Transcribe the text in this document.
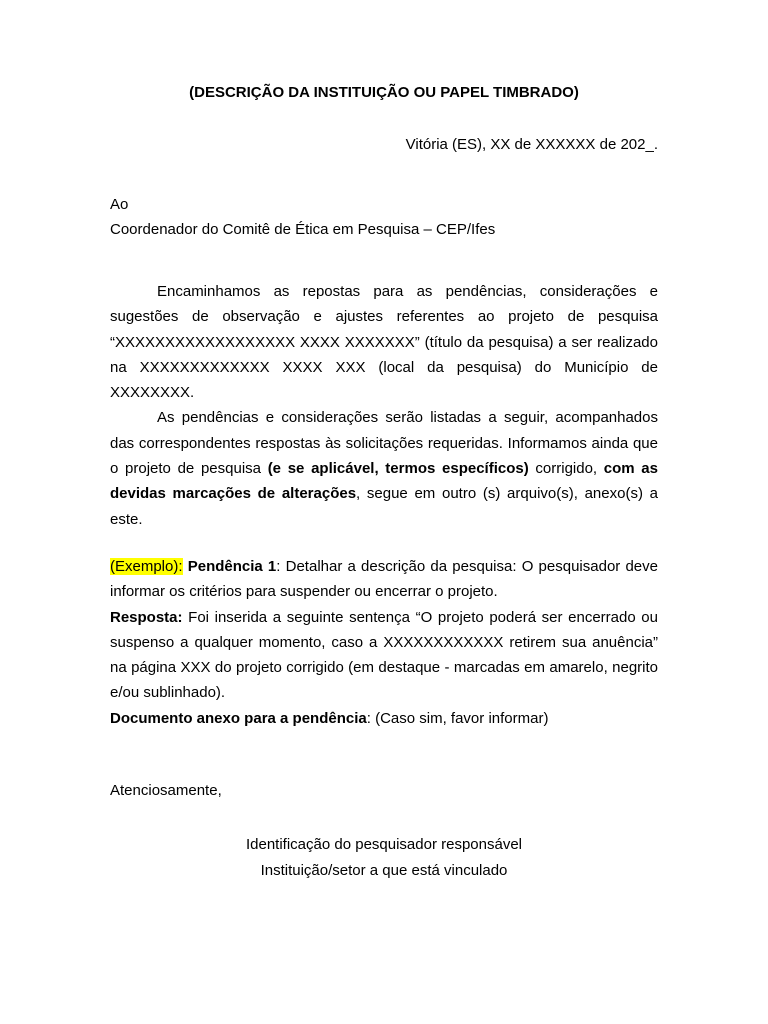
(DESCRIÇÃO DA INSTITUIÇÃO OU PAPEL TIMBRADO)
Vitória (ES), XX de XXXXXX de 202_.
Ao
Coordenador do Comitê de Ética em Pesquisa – CEP/Ifes

Encaminhamos as repostas para as pendências, considerações e sugestões de observação e ajustes referentes ao projeto de pesquisa “XXXXXXXXXXXXXXXXXX XXXX XXXXXXX” (título da pesquisa) a ser realizado na XXXXXXXXXXXXX XXXX XXX (local da pesquisa) do Município de XXXXXXXX.

As pendências e considerações serão listadas a seguir, acompanhados das correspondentes respostas às solicitações requeridas. Informamos ainda que o projeto de pesquisa (e se aplicável, termos específicos) corrigido, com as devidas marcações de alterações, segue em outro (s) arquivo(s), anexo(s) a este.

(Exemplo): Pendência 1: Detalhar a descrição da pesquisa: O pesquisador deve informar os critérios para suspender ou encerrar o projeto.

Resposta: Foi inserida a seguinte sentença “O projeto poderá ser encerrado ou suspenso a qualquer momento, caso a XXXXXXXXXXXX retirem sua anuência” na página XXX do projeto corrigido (em destaque - marcadas em amarelo, negrito e/ou sublinhado).

Documento anexo para a pendência: (Caso sim, favor informar)

Atenciosamente,
Identificação do pesquisador responsável
Instituição/setor a que está vinculado
